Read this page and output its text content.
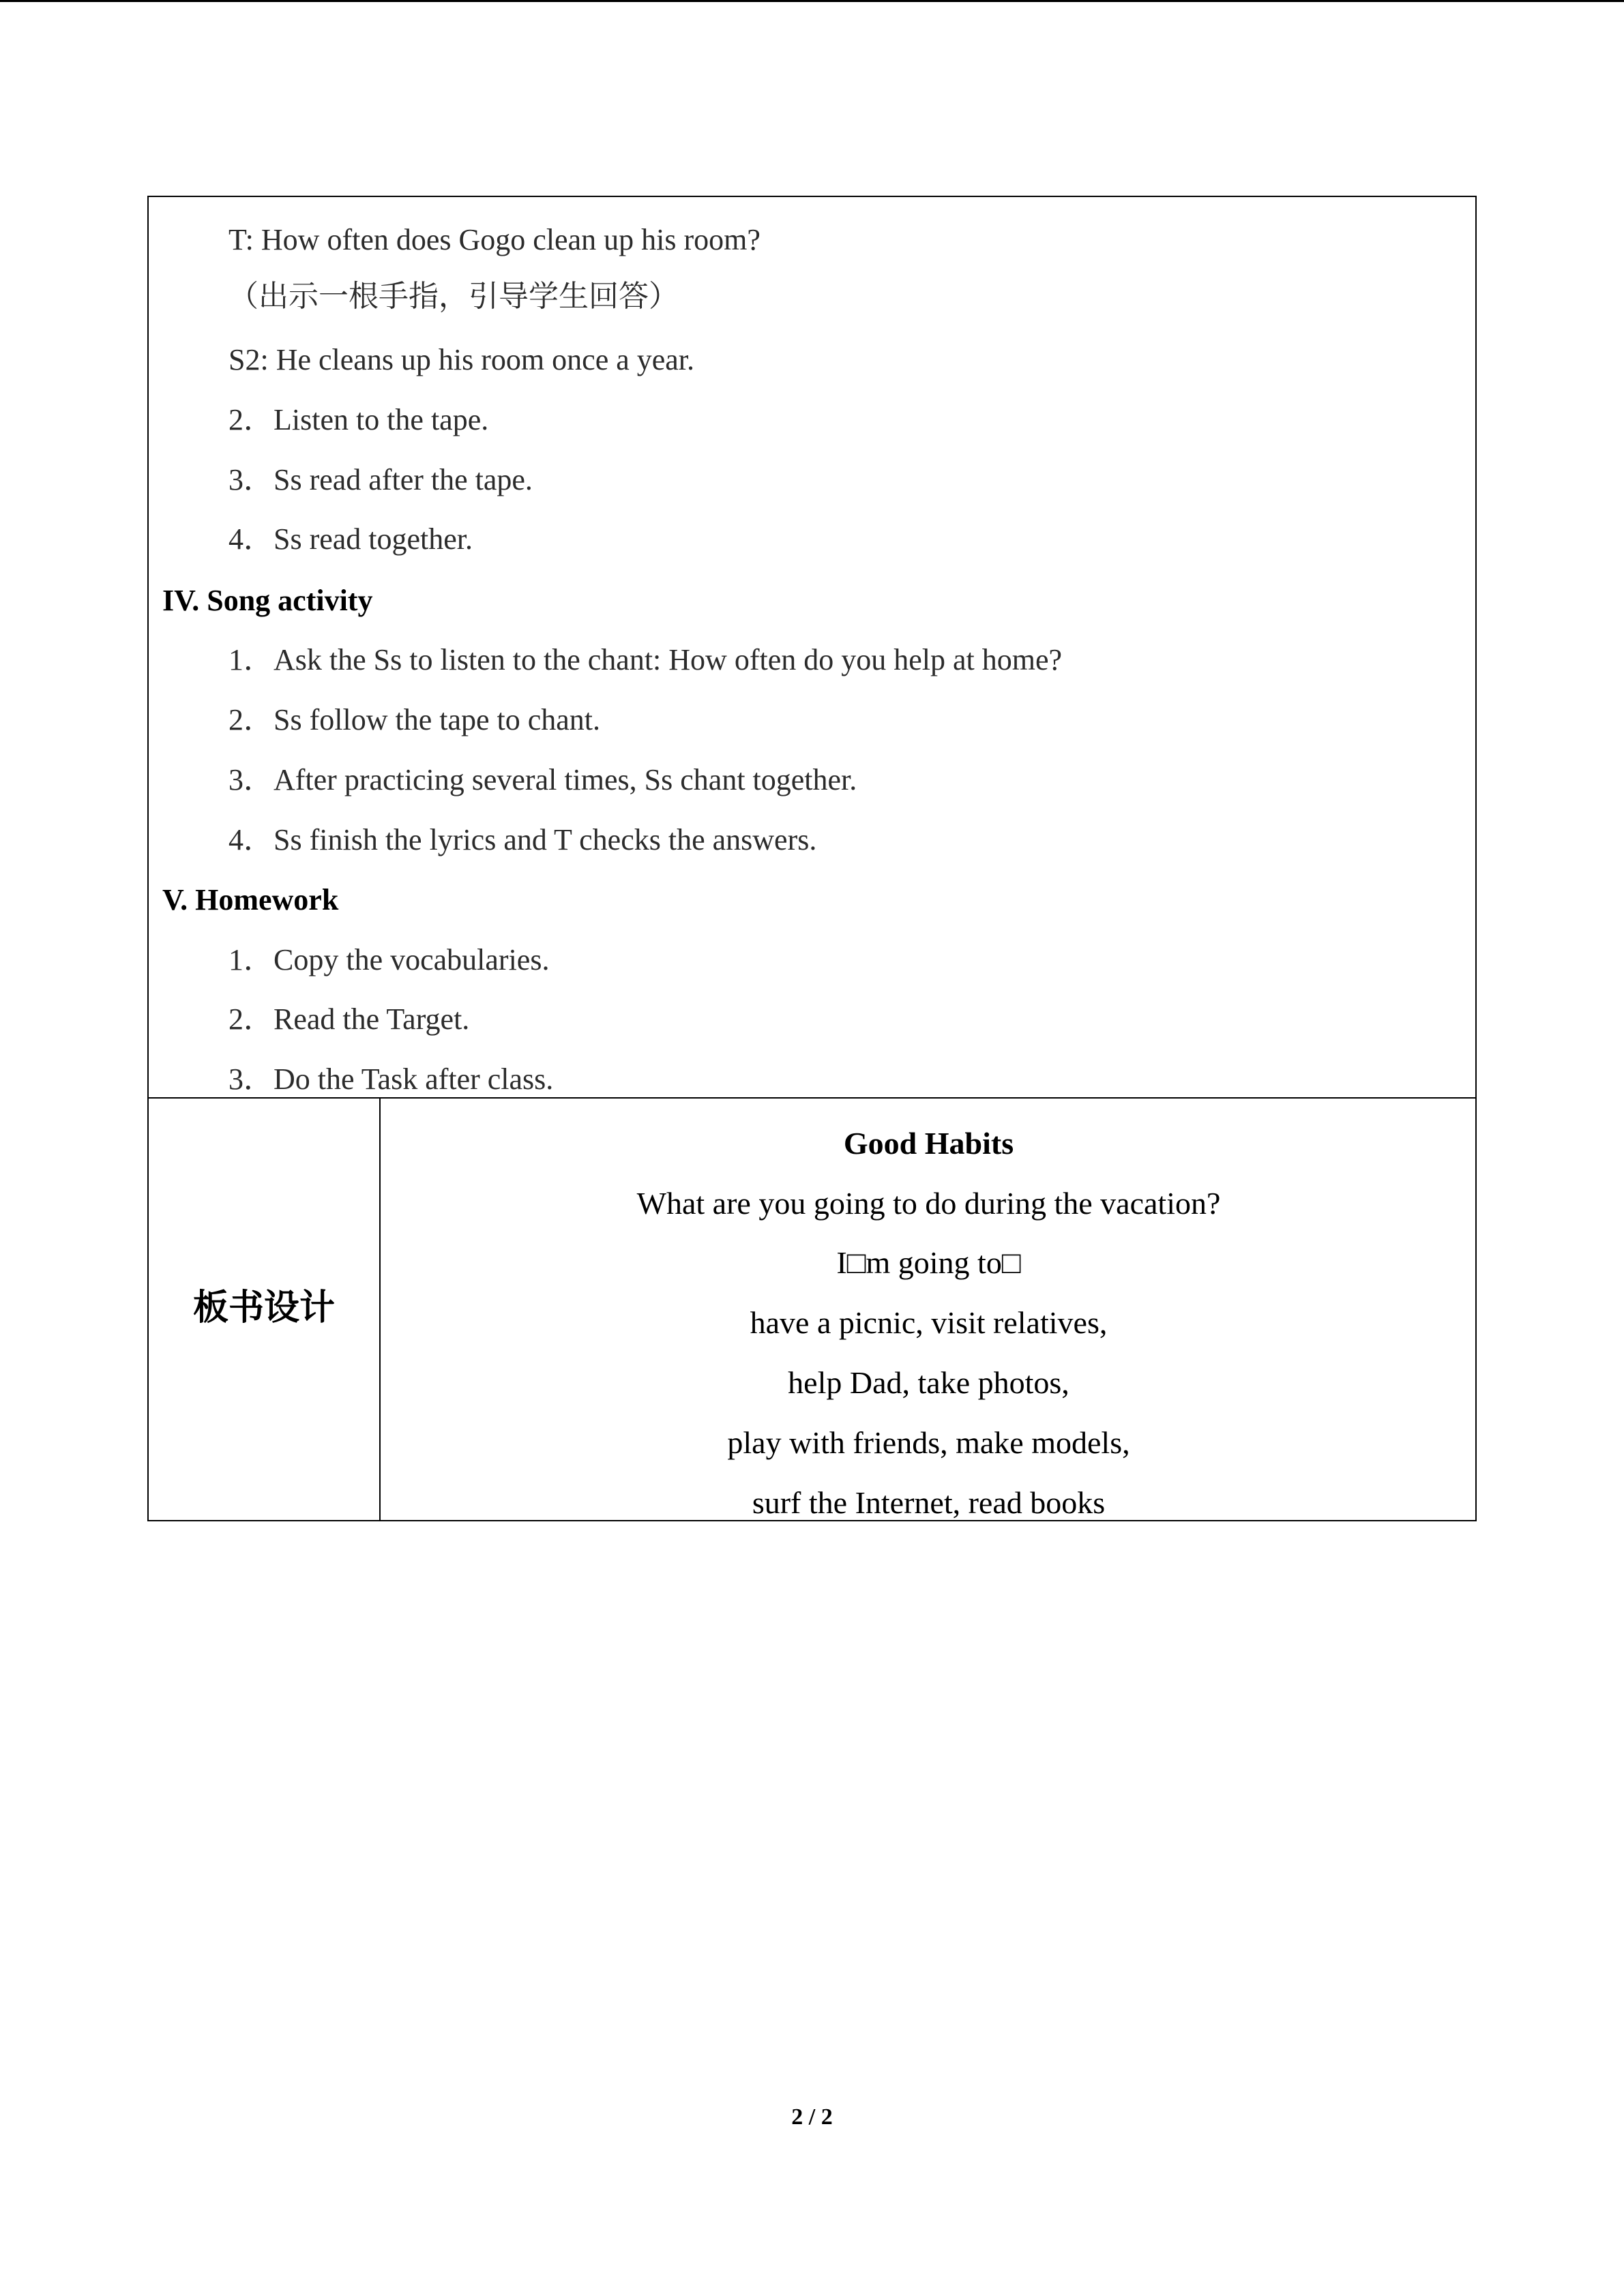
T: How often does Gogo clean up his room?
（出示一根手指，引导学生回答）
S2: He cleans up his room once a year.
2．Listen to the tape.
3．Ss read after the tape.
4．Ss read together.
IV. Song activity
1．Ask the Ss to listen to the chant: How often do you help at home?
2．Ss follow the tape to chant.
3．After practicing several times, Ss chant together.
4．Ss finish the lyrics and T checks the answers.
V. Homework
1．Copy the vocabularies.
2．Read the Target.
3．Do the Task after class.
板书设计
Good Habits
What are you going to do during the vacation?
I□m going to□
have a picnic, visit relatives,
help Dad, take photos,
play with friends, make models,
surf the Internet, read books
2 / 2
